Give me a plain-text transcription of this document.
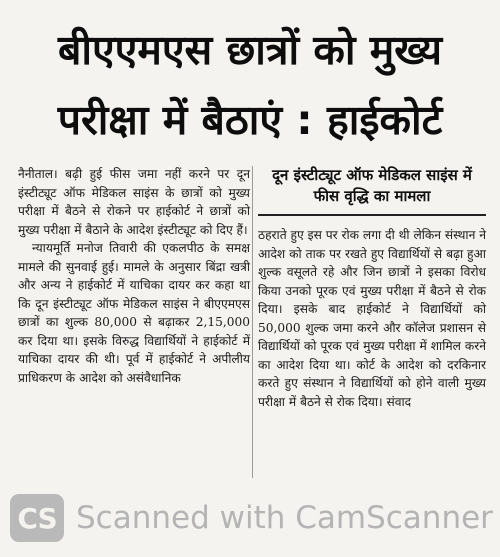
बीएएमएस छात्रों को मुख्य
परीक्षा में बैठाएं : हाईकोर्ट

नैनीताल। बढ़ी हुई फीस जमा नहीं करने पर दून इंस्टीट्यूट ऑफ मेडिकल साइंस के छात्रों को मुख्य परीक्षा में बैठने से रोकने पर हाईकोर्ट ने छात्रों को मुख्य परीक्षा में बैठाने के आदेश इंस्टीट्यूट को दिए हैं।

न्यायमूर्ति मनोज तिवारी की एकलपीठ के समक्ष मामले की सुनवाई हुई। मामले के अनुसार बिंद्रा खत्री और अन्य ने हाईकोर्ट में याचिका दायर कर कहा था कि दून इंस्टीट्यूट ऑफ मेडिकल साइंस ने बीएएमएस छात्रों का शुल्क 80,000 से बढ़ाकर 2,15,000 कर दिया था। इसके विरुद्ध विद्यार्थियों ने हाईकोर्ट में याचिका दायर की थी। पूर्व में हाईकोर्ट ने अपीलीय प्राधिकरण के आदेश को असंवैधानिक

दून इंस्टीट्यूट ऑफ मेडिकल साइंस में फीस वृद्धि का मामला

ठहराते हुए इस पर रोक लगा दी थी लेकिन संस्थान ने आदेश को ताक पर रखते हुए विद्यार्थियों से बढ़ा हुआ शुल्क वसूलते रहे और जिन छात्रों ने इसका विरोध किया उनको पूरक एवं मुख्य परीक्षा में बैठने से रोक दिया। इसके बाद हाईकोर्ट ने विद्यार्थियों को 50,000 शुल्क जमा करने और कॉलेज प्रशासन से विद्यार्थियों को पूरक एवं मुख्य परीक्षा में शामिल करने का आदेश दिया था। कोर्ट के आदेश को दरकिनार करते हुए संस्थान ने विद्यार्थियों को होने वाली मुख्य परीक्षा में बैठने से रोक दिया। संवाद

CS Scanned with CamScanner
